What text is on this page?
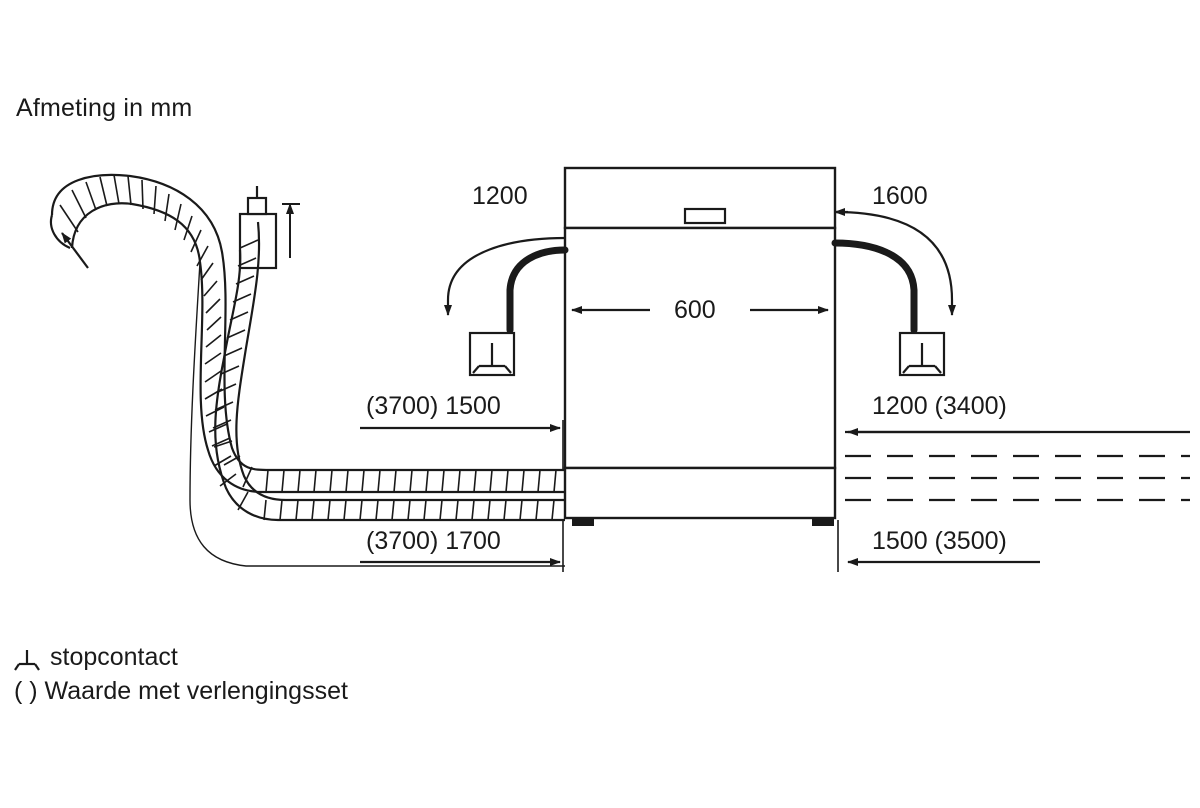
Afmeting in mm
1200	1600
600
(3700) 1500	1200 (3400)
(3700) 1700	1500 (3500)
stopcontact
( ) Waarde met verlengingsset
